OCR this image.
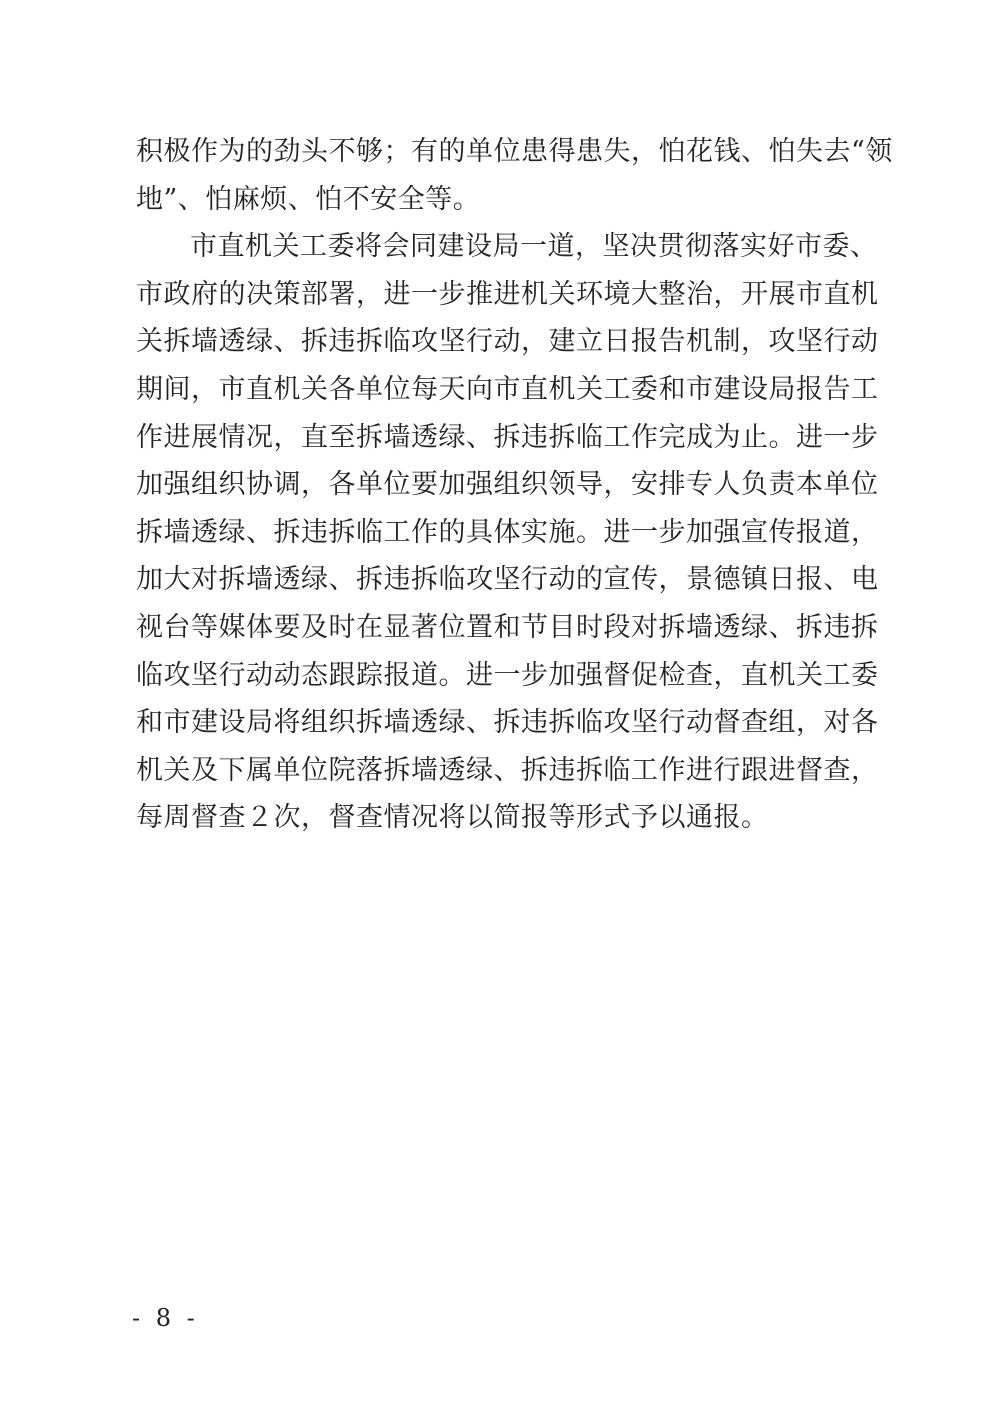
积极作为的劲头不够；有的单位患得患失，怕花钱、怕失去“领
地”、怕麻烦、怕不安全等。
市直机关工委将会同建设局一道，坚决贯彻落实好市委、
市政府的决策部署，进一步推进机关环境大整治，开展市直机
关拆墙透绿、拆违拆临攻坚行动，建立日报告机制，攻坚行动
期间，市直机关各单位每天向市直机关工委和市建设局报告工
作进展情况，直至拆墙透绿、拆违拆临工作完成为止。进一步
加强组织协调，各单位要加强组织领导，安排专人负责本单位
拆墙透绿、拆违拆临工作的具体实施。进一步加强宣传报道，
加大对拆墙透绿、拆违拆临攻坚行动的宣传，景德镇日报、电
视台等媒体要及时在显著位置和节目时段对拆墙透绿、拆违拆
临攻坚行动动态跟踪报道。进一步加强督促检查，直机关工委
和市建设局将组织拆墙透绿、拆违拆临攻坚行动督查组，对各
机关及下属单位院落拆墙透绿、拆违拆临工作进行跟进督查，
每周督查２次，督查情况将以简报等形式予以通报。
- 8 -
